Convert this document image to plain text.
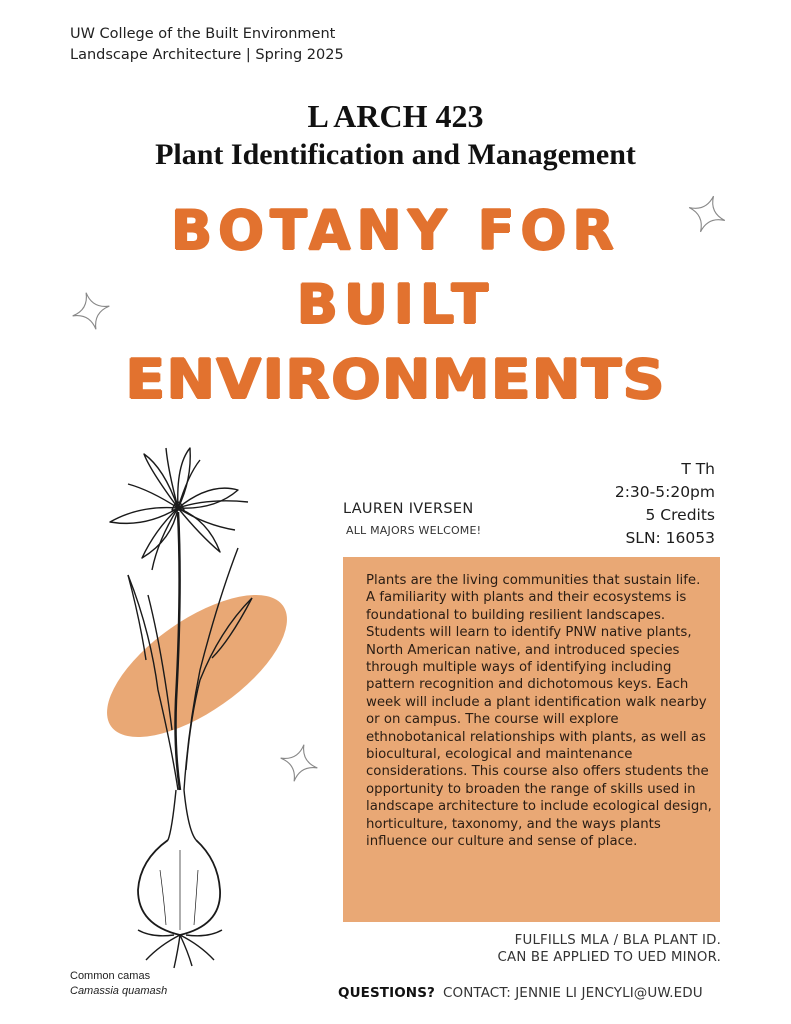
UW College of the Built Environment
Landscape Architecture | Spring 2025
L ARCH 423
Plant Identification and Management
BOTANY FOR
BUILT
ENVIRONMENTS
Common camas
Camassia quamash
LAUREN IVERSEN
ALL MAJORS WELCOME!
T Th
2:30-5:20pm
5 Credits
SLN: 16053
Plants are the living communities that sustain life. A familiarity with plants and their ecosystems is foundational to building resilient landscapes. Students will learn to identify PNW native plants, North American native, and introduced species through multiple ways of identifying including pattern recognition and dichotomous keys. Each week will include a plant identification walk nearby or on campus. The course will explore ethnobotanical relationships with plants, as well as biocultural, ecological and maintenance considerations. This course also offers students the opportunity to broaden the range of skills used in landscape architecture to include ecological design, horticulture, taxonomy, and the ways plants influence our culture and sense of place.
FULFILLS MLA / BLA PLANT ID.
CAN BE APPLIED TO UED MINOR.
QUESTIONS? CONTACT: JENNIE LI JENCYLI@UW.EDU
